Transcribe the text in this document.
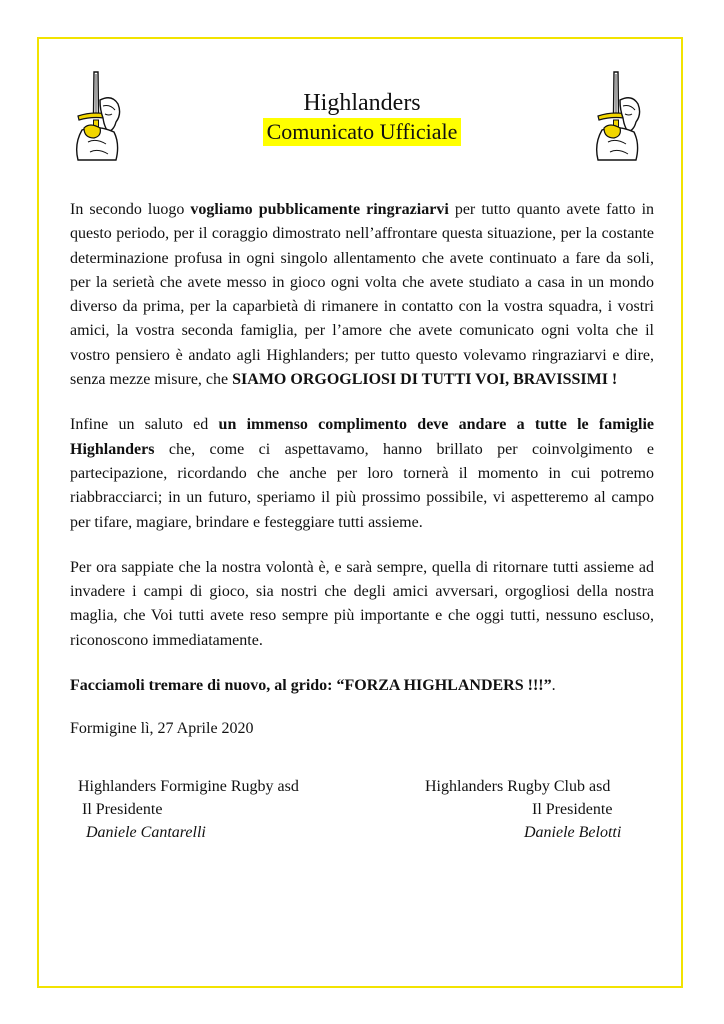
Highlanders
Comunicato Ufficiale

In secondo luogo vogliamo pubblicamente ringraziarvi per tutto quanto avete fatto in questo periodo, per il coraggio dimostrato nell’affrontare questa situazione, per la costante determinazione profusa in ogni singolo allentamento che avete continuato a fare da soli, per la serietà che avete messo in gioco ogni volta che avete studiato a casa in un mondo diverso da prima, per la caparbietà di rimanere in contatto con la vostra squadra, i vostri amici, la vostra seconda famiglia, per l’amore che avete comunicato ogni volta che il vostro pensiero è andato agli Highlanders; per tutto questo volevamo ringraziarvi e dire, senza mezze misure, che SIAMO ORGOGLIOSI DI TUTTI VOI, BRAVISSIMI !

Infine un saluto ed un immenso complimento deve andare a tutte le famiglie Highlanders che, come ci aspettavamo, hanno brillato per coinvolgimento e partecipazione, ricordando che anche per loro tornerà il momento in cui potremo riabbracciarci; in un futuro, speriamo il più prossimo possibile, vi aspetteremo al campo per tifare, magiare, brindare e festeggiare tutti assieme.

Per ora sappiate che la nostra volontà è, e sarà sempre, quella di ritornare tutti assieme ad invadere i campi di gioco, sia nostri che degli amici avversari, orgogliosi della nostra maglia, che Voi tutti avete reso sempre più importante e che oggi tutti, nessuno escluso, riconoscono immediatamente.

Facciamoli tremare di nuovo, al grido: “FORZA HIGHLANDERS !!!”.

Formigine lì, 27 Aprile 2020

Highlanders Formigine Rugby asd
Il Presidente
Daniele Cantarelli
Highlanders Rugby Club asd
Il Presidente
Daniele Belotti
